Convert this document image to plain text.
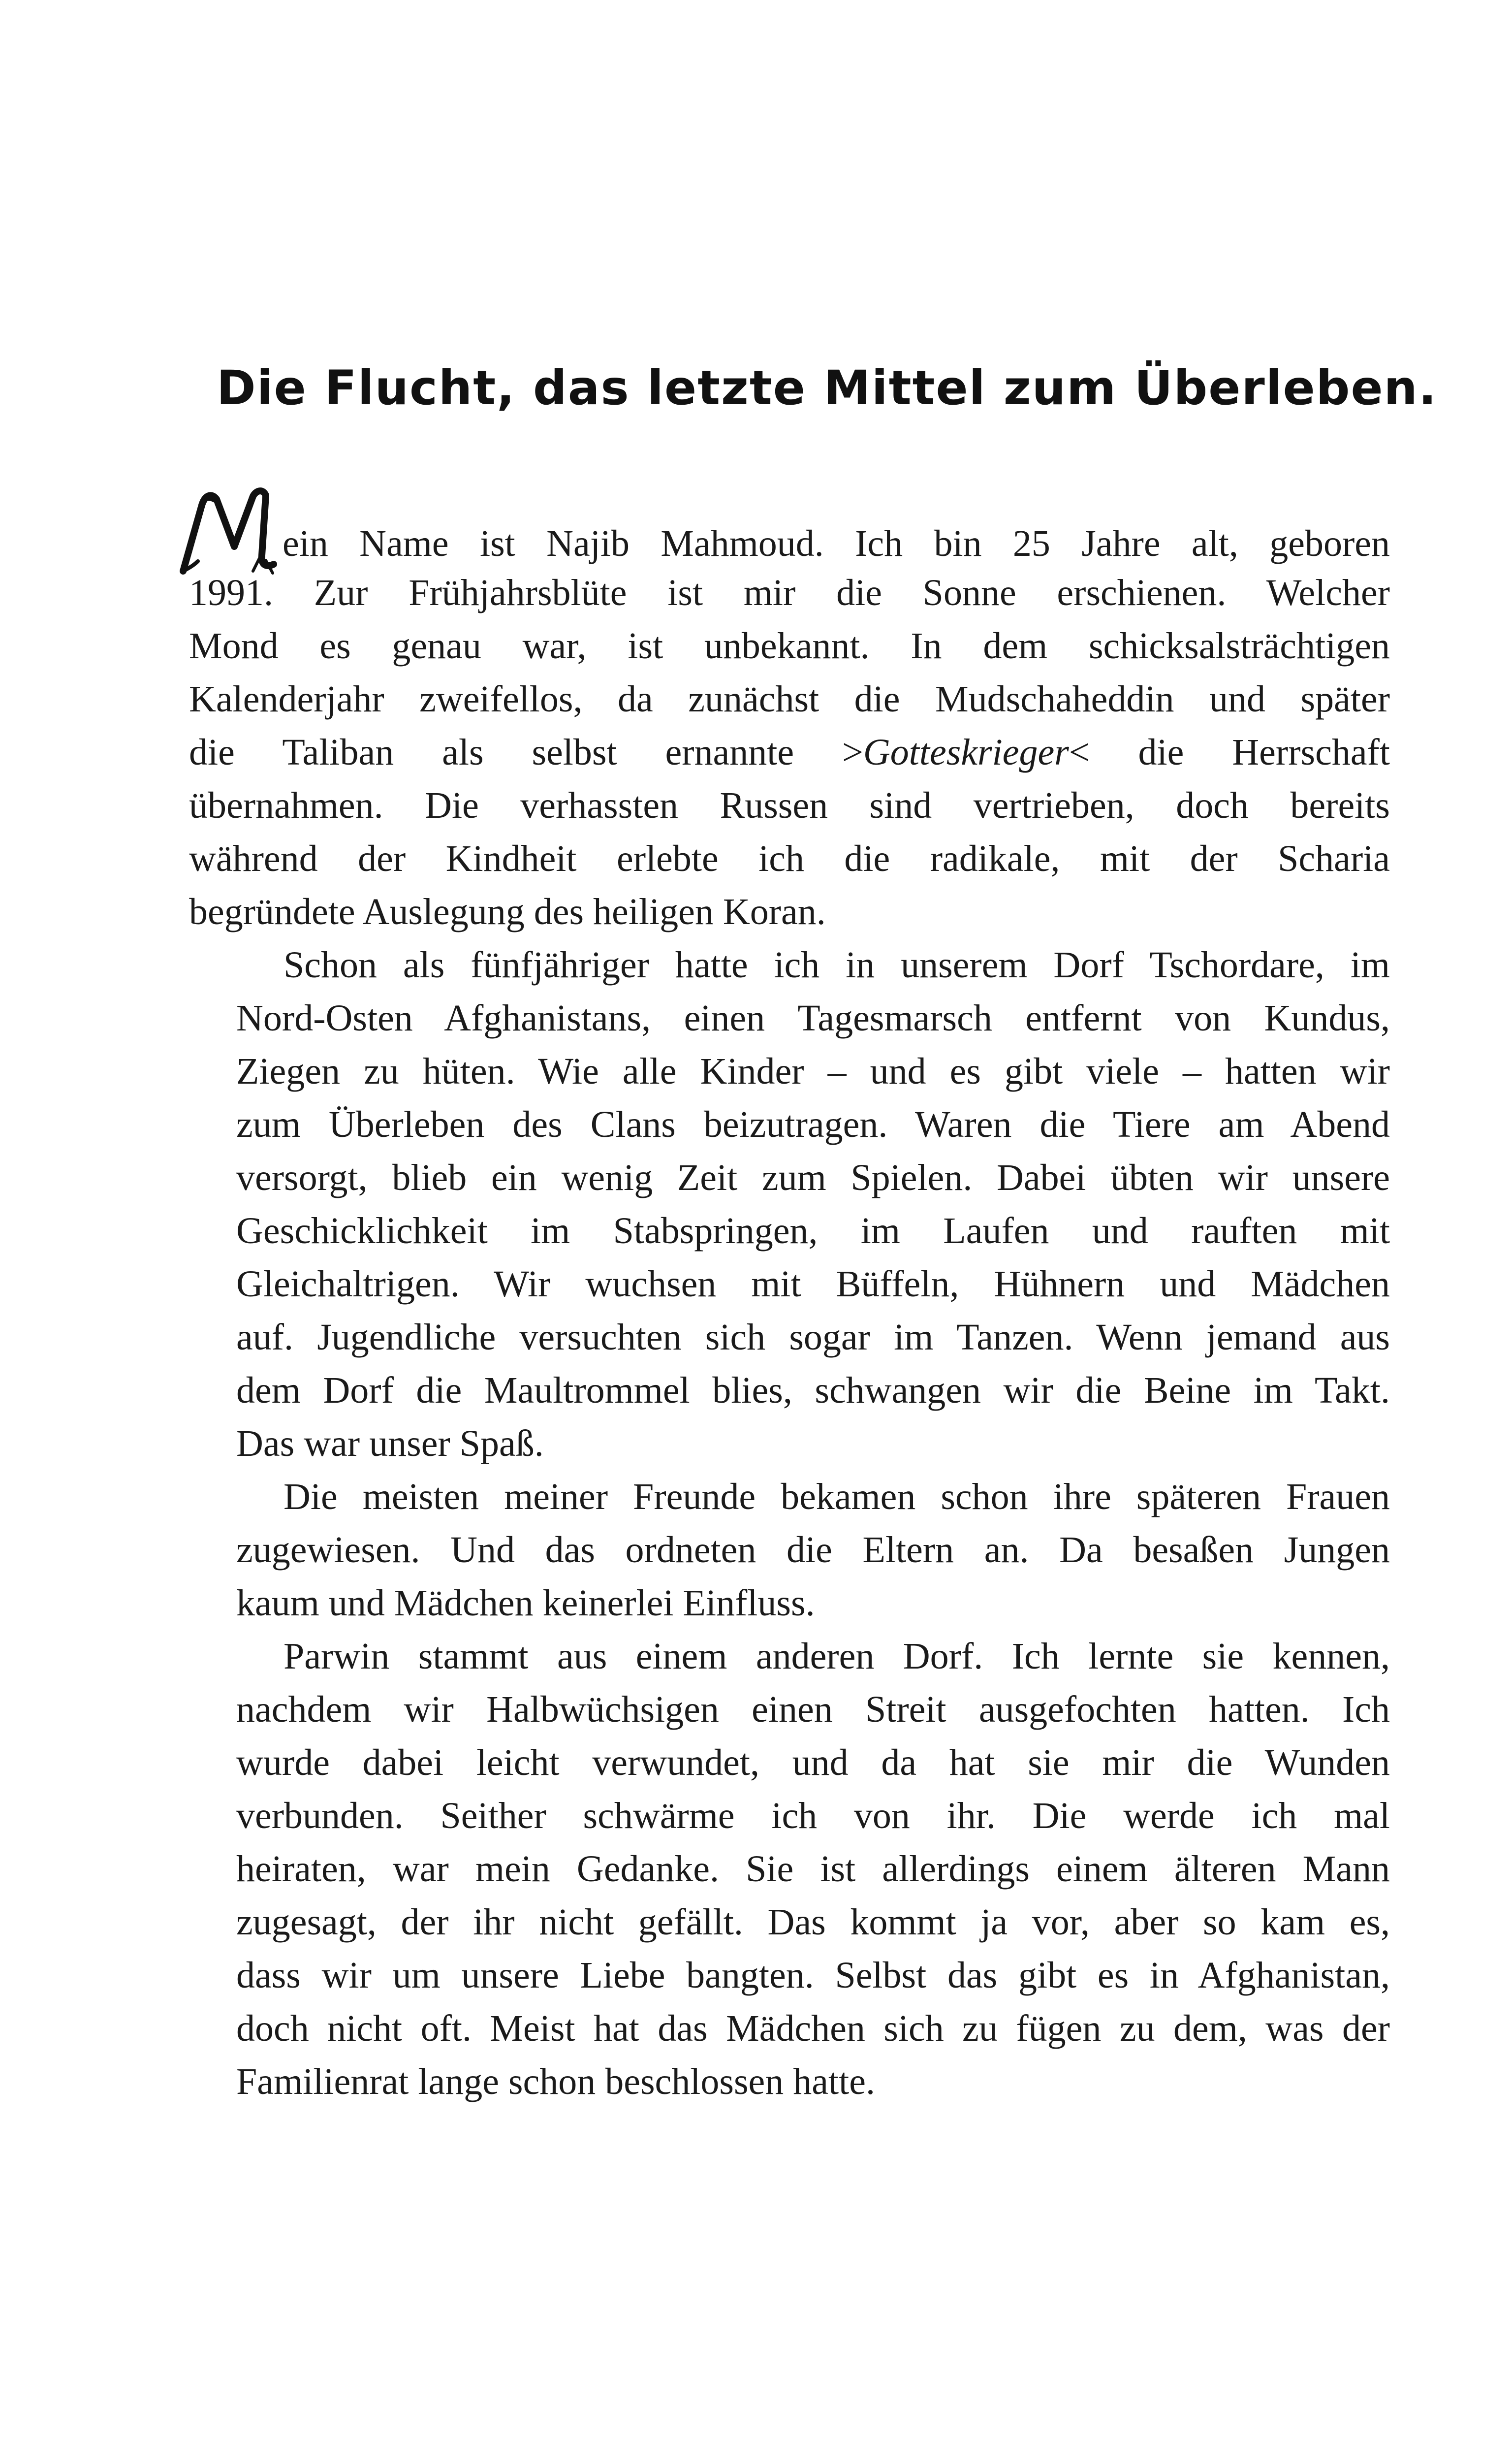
Die Flucht, das letzte Mittel zum Überleben.
ein Name ist Najib Mahmoud. Ich bin 25 Jahre alt, geboren
1991. Zur Frühjahrsblüte ist mir die Sonne erschienen. Welcher
Mond es genau war, ist unbekannt. In dem schicksalsträchtigen
Kalenderjahr zweifellos, da zunächst die Mudschaheddin und später
die Taliban als selbst ernannte >Gotteskrieger< die Herrschaft
übernahmen. Die verhassten Russen sind vertrieben, doch bereits
während der Kindheit erlebte ich die radikale, mit der Scharia
begründete Auslegung des heiligen Koran.
Schon als fünfjähriger hatte ich in unserem Dorf Tschordare, im
Nord-Osten Afghanistans, einen Tagesmarsch entfernt von Kundus,
Ziegen zu hüten. Wie alle Kinder – und es gibt viele – hatten wir
zum Überleben des Clans beizutragen. Waren die Tiere am Abend
versorgt, blieb ein wenig Zeit zum Spielen. Dabei übten wir unsere
Geschicklichkeit im Stabspringen, im Laufen und rauften mit
Gleichaltrigen. Wir wuchsen mit Büffeln, Hühnern und Mädchen
auf. Jugendliche versuchten sich sogar im Tanzen. Wenn jemand aus
dem Dorf die Maultrommel blies, schwangen wir die Beine im Takt.
Das war unser Spaß.
Die meisten meiner Freunde bekamen schon ihre späteren Frauen
zugewiesen. Und das ordneten die Eltern an. Da besaßen Jungen
kaum und Mädchen keinerlei Einfluss.
Parwin stammt aus einem anderen Dorf. Ich lernte sie kennen,
nachdem wir Halbwüchsigen einen Streit ausgefochten hatten. Ich
wurde dabei leicht verwundet, und da hat sie mir die Wunden
verbunden. Seither schwärme ich von ihr. Die werde ich mal
heiraten, war mein Gedanke. Sie ist allerdings einem älteren Mann
zugesagt, der ihr nicht gefällt. Das kommt ja vor, aber so kam es,
dass wir um unsere Liebe bangten. Selbst das gibt es in Afghanistan,
doch nicht oft. Meist hat das Mädchen sich zu fügen zu dem, was der
Familienrat lange schon beschlossen hatte.
